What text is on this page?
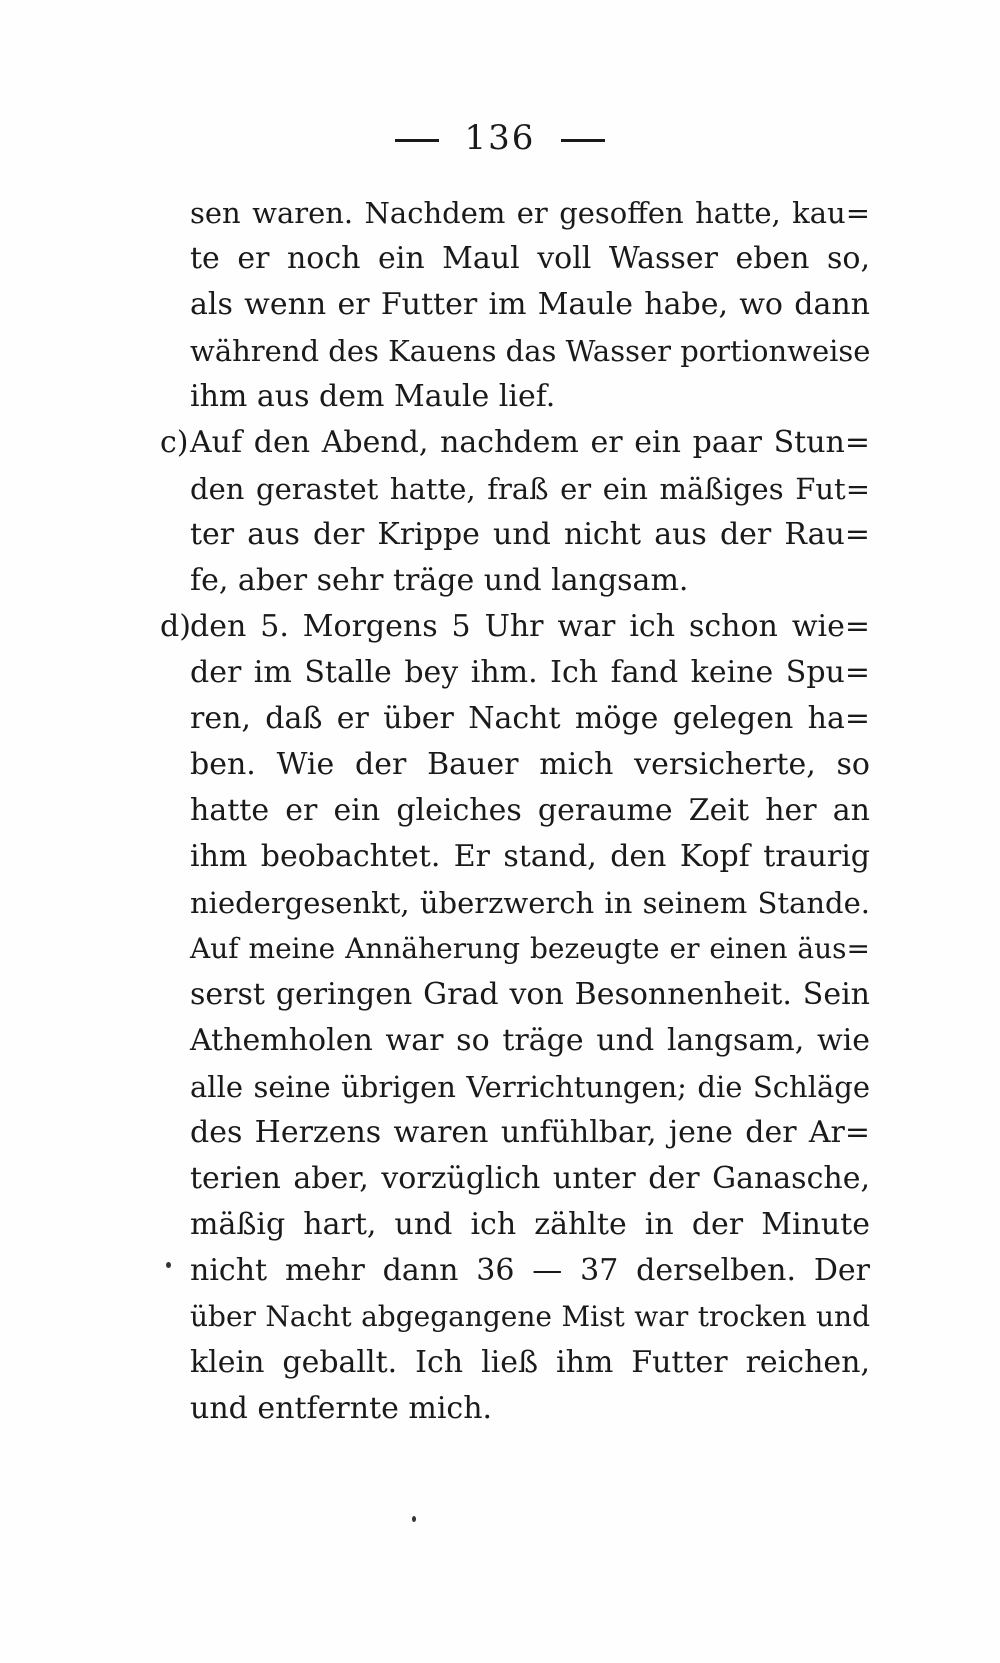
136
sen waren. Nachdem er gesoffen hatte, kau=
te er noch ein Maul voll Wasser eben so,
als wenn er Futter im Maule habe, wo dann
während des Kauens das Wasser portionweise
ihm aus dem Maule lief.
c) Auf den Abend, nachdem er ein paar Stun=
den gerastet hatte, fraß er ein mäßiges Fut=
ter aus der Krippe und nicht aus der Rau=
fe, aber sehr träge und langsam.
d) den 5. Morgens 5 Uhr war ich schon wie=
der im Stalle bey ihm. Ich fand keine Spu=
ren, daß er über Nacht möge gelegen ha=
ben. Wie der Bauer mich versicherte, so
hatte er ein gleiches geraume Zeit her an
ihm beobachtet. Er stand, den Kopf traurig
niedergesenkt, überzwerch in seinem Stande.
Auf meine Annäherung bezeugte er einen äus=
serst geringen Grad von Besonnenheit. Sein
Athemholen war so träge und langsam, wie
alle seine übrigen Verrichtungen; die Schläge
des Herzens waren unfühlbar, jene der Ar=
terien aber, vorzüglich unter der Ganasche,
mäßig hart, und ich zählte in der Minute
nicht mehr dann 36 — 37 derselben. Der
über Nacht abgegangene Mist war trocken und
klein geballt. Ich ließ ihm Futter reichen,
und entfernte mich.
